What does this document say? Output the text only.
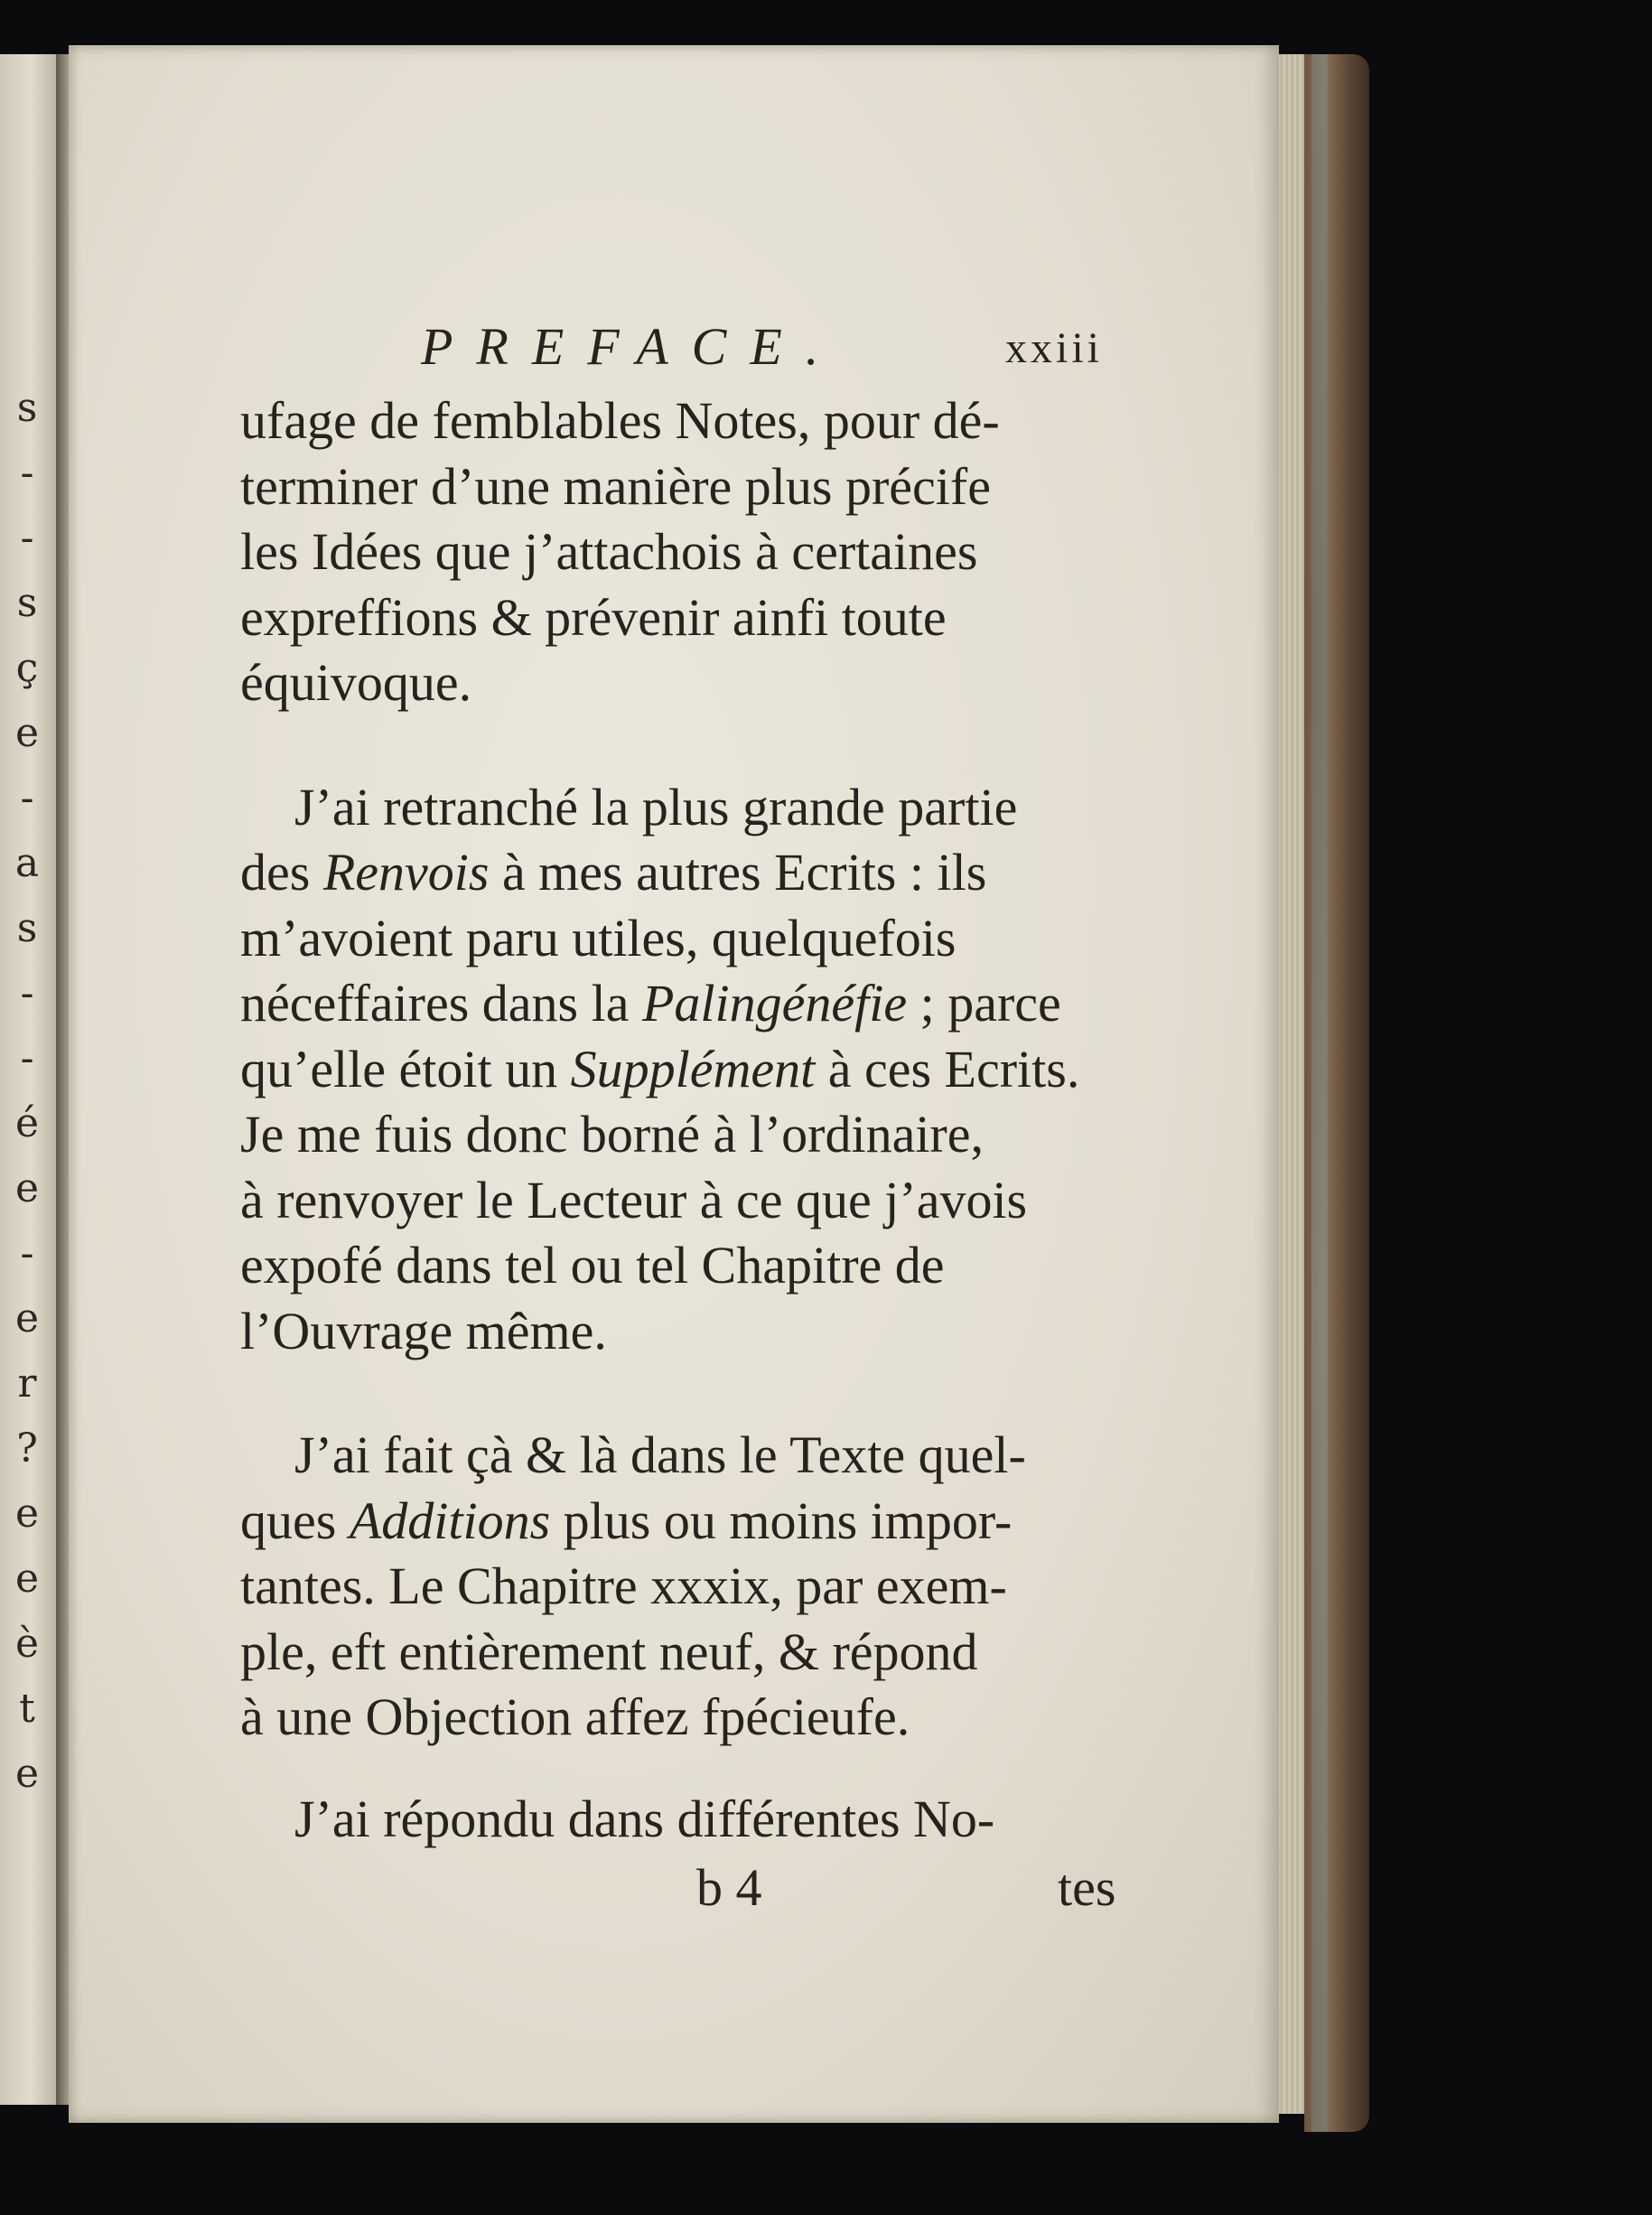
s
-
-
s
ç
e
-
a
s
-
-
é
e
-
e
r
?
e
e
è
t
e
PREFACE.	xxiii

ufage de femblables Notes, pour dé-
terminer d’une manière plus précife
les Idées que j’attachois à certaines
expreffions & prévenir ainfi toute
équivoque.

J’ai retranché la plus grande partie
des Renvois à mes autres Ecrits : ils
m’avoient paru utiles, quelquefois
néceffaires dans la Palingénéfie ; parce
qu’elle étoit un Supplément à ces Ecrits.
Je me fuis donc borné à l’ordinaire,
à renvoyer le Lecteur à ce que j’avois
expofé dans tel ou tel Chapitre de
l’Ouvrage même.

J’ai fait çà & là dans le Texte quel-
ques Additions plus ou moins impor-
tantes. Le Chapitre xxxix, par exem-
ple, eft entièrement neuf, & répond
à une Objection affez fpécieufe.

J’ai répondu dans différentes No-

b 4	tes
